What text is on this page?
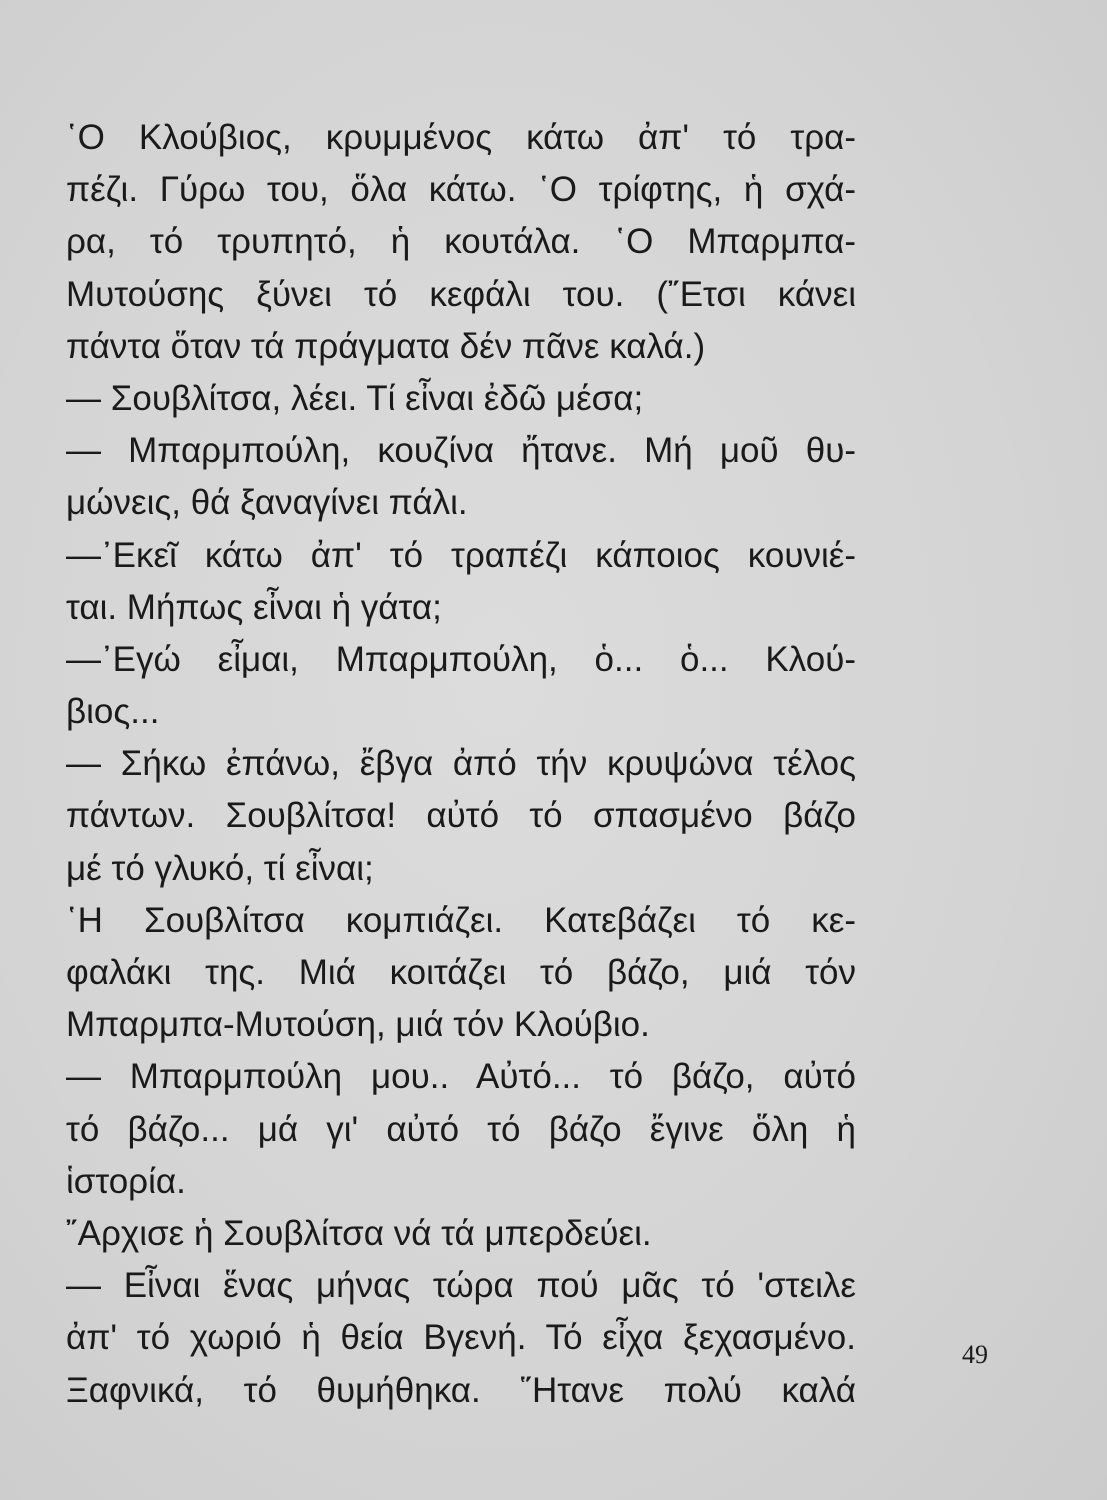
῾Ο Κλούβιος, κρυμμένος κάτω ἀπ' τό τρα-
πέζι. Γύρω του, ὅλα κάτω. ῾Ο τρίφτης, ἡ σχά-
ρα, τό τρυπητό, ἡ κουτάλα. ῾Ο Μπαρμπα-
Μυτούσης ξύνει τό κεφάλι του. (῎Ετσι κάνει
πάντα ὅταν τά πράγματα δέν πᾶνε καλά.)
— Σουβλίτσα, λέει. Τί εἶναι ἐδῶ μέσα;
— Μπαρμπούλη, κουζίνα ἤτανε. Μή μοῦ θυ-
μώνεις, θά ξαναγίνει πάλι.
—᾿Εκεῖ κάτω ἀπ' τό τραπέζι κάποιος κουνιέ-
ται. Μήπως εἶναι ἡ γάτα;
—᾿Εγώ εἶμαι, Μπαρμπούλη, ὁ... ὁ... Κλού-
βιος...
— Σήκω ἐπάνω, ἔβγα ἀπό τήν κρυψώνα τέλος
πάντων. Σουβλίτσα! αὐτό τό σπασμένο βάζο
μέ τό γλυκό, τί εἶναι;
῾Η Σουβλίτσα κομπιάζει. Κατεβάζει τό κε-
φαλάκι της. Μιά κοιτάζει τό βάζο, μιά τόν
Μπαρμπα-Μυτούση, μιά τόν Κλούβιο.
— Μπαρμπούλη μου.. Αὐτό... τό βάζο, αὐτό
τό βάζο... μά γι' αὐτό τό βάζο ἔγινε ὅλη ἡ
ἱστορία.
῎Αρχισε ἡ Σουβλίτσα νά τά μπερδεύει.
— Εἶναι ἕνας μήνας τώρα πού μᾶς τό 'στειλε
ἀπ' τό χωριό ἡ θεία Βγενή. Τό εἶχα ξεχασμένο.
Ξαφνικά, τό θυμήθηκα. ῞Ητανε πολύ καλά
49
